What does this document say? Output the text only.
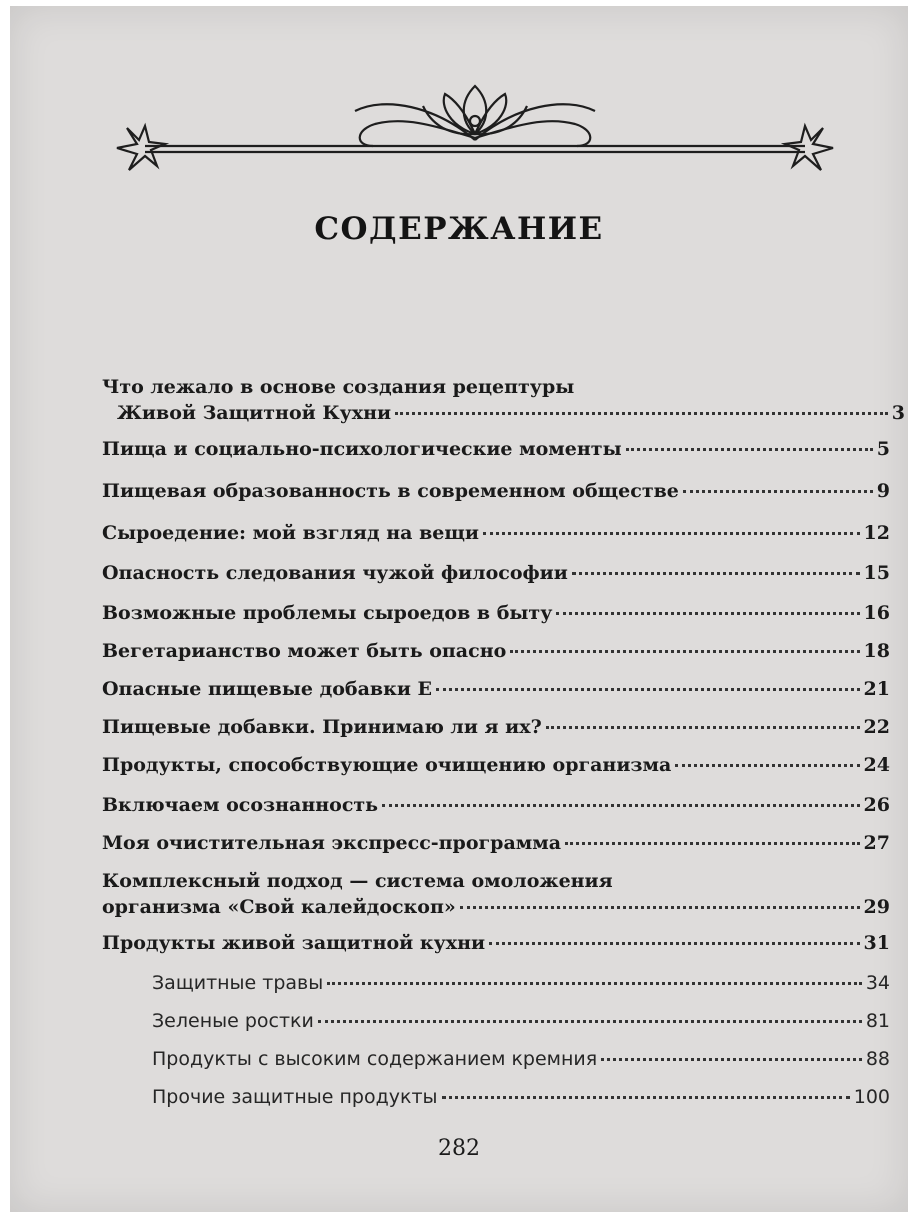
СОДЕРЖАНИЕ
Что лежало в основе создания рецептуры
Живой Защитной Кухни	3
Пища и социально-психологические моменты	5
Пищевая образованность в современном обществе	9
Сыроедение: мой взгляд на вещи	12
Опасность следования чужой философии	15
Возможные проблемы сыроедов в быту	16
Вегетарианство может быть опасно	18
Опасные пищевые добавки Е	21
Пищевые добавки. Принимаю ли я их?	22
Продукты, способствующие очищению организма	24
Включаем осознанность	26
Моя очистительная экспресс-программа	27
Комплексный подход — система омоложения
организма «Свой калейдоскоп»	29
Продукты живой защитной кухни	31
Защитные травы	34
Зеленые ростки	81
Продукты с высоким содержанием кремния	88
Прочие защитные продукты	100
282
